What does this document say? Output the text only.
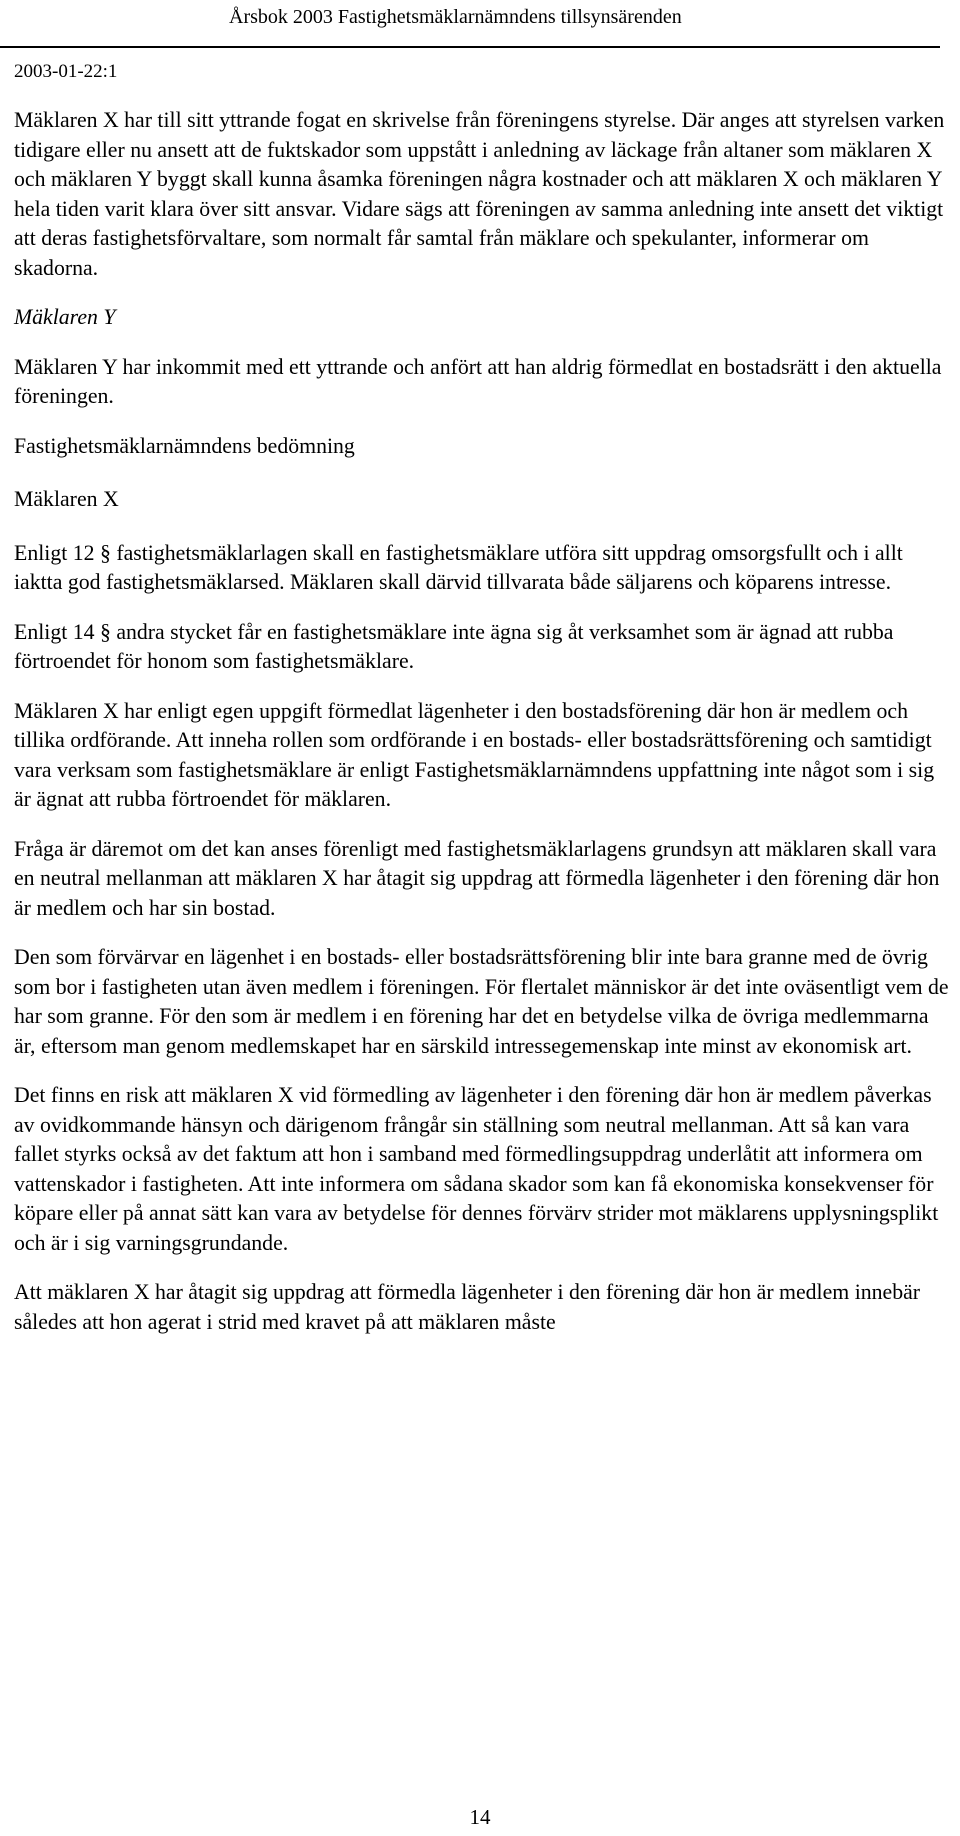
Årsbok 2003 Fastighetsmäklarnämndens tillsynsärenden
2003-01-22:1

Mäklaren X har till sitt yttrande fogat en skrivelse från föreningens styrelse. Där anges att styrelsen varken tidigare eller nu ansett att de fuktskador som uppstått i anledning av läckage från altaner som mäklaren X och mäklaren Y byggt skall kunna åsamka föreningen några kostnader och att mäklaren X och mäklaren Y hela tiden varit klara över sitt ansvar. Vidare sägs att föreningen av samma anledning inte ansett det viktigt att deras fastighetsförvaltare, som normalt får samtal från mäklare och spekulanter, informerar om skadorna.

Mäklaren Y

Mäklaren Y har inkommit med ett yttrande och anfört att han aldrig förmedlat en bostadsrätt i den aktuella föreningen.

Fastighetsmäklarnämndens bedömning

Mäklaren X

Enligt 12 § fastighetsmäklarlagen skall en fastighetsmäklare utföra sitt uppdrag omsorgsfullt och i allt iaktta god fastighetsmäklarsed. Mäklaren skall därvid tillvarata både säljarens och köparens intresse.

Enligt 14 § andra stycket får en fastighetsmäklare inte ägna sig åt verksamhet som är ägnad att rubba förtroendet för honom som fastighetsmäklare.

Mäklaren X har enligt egen uppgift förmedlat lägenheter i den bostadsförening där hon är medlem och tillika ordförande. Att inneha rollen som ordförande i en bostads- eller bostadsrättsförening och samtidigt vara verksam som fastighetsmäklare är enligt Fastighetsmäklarnämndens uppfattning inte något som i sig är ägnat att rubba förtroendet för mäklaren.

Fråga är däremot om det kan anses förenligt med fastighetsmäklarlagens grundsyn att mäklaren skall vara en neutral mellanman att mäklaren X har åtagit sig uppdrag att förmedla lägenheter i den förening där hon är medlem och har sin bostad.

Den som förvärvar en lägenhet i en bostads- eller bostadsrättsförening blir inte bara granne med de övrig som bor i fastigheten utan även medlem i föreningen. För flertalet människor är det inte oväsentligt vem de har som granne. För den som är medlem i en förening har det en betydelse vilka de övriga medlemmarna är, eftersom man genom medlemskapet har en särskild intressegemenskap inte minst av ekonomisk art.

Det finns en risk att mäklaren X vid förmedling av lägenheter i den förening där hon är medlem påverkas av ovidkommande hänsyn och därigenom frångår sin ställning som neutral mellanman. Att så kan vara fallet styrks också av det faktum att hon i samband med förmedlingsuppdrag underlåtit att informera om vattenskador i fastigheten. Att inte informera om sådana skador som kan få ekonomiska konsekvenser för köpare eller på annat sätt kan vara av betydelse för dennes förvärv strider mot mäklarens upplysningsplikt och är i sig varningsgrundande.

Att mäklaren X har åtagit sig uppdrag att förmedla lägenheter i den förening där hon är medlem innebär således att hon agerat i strid med kravet på att mäklaren måste

14
